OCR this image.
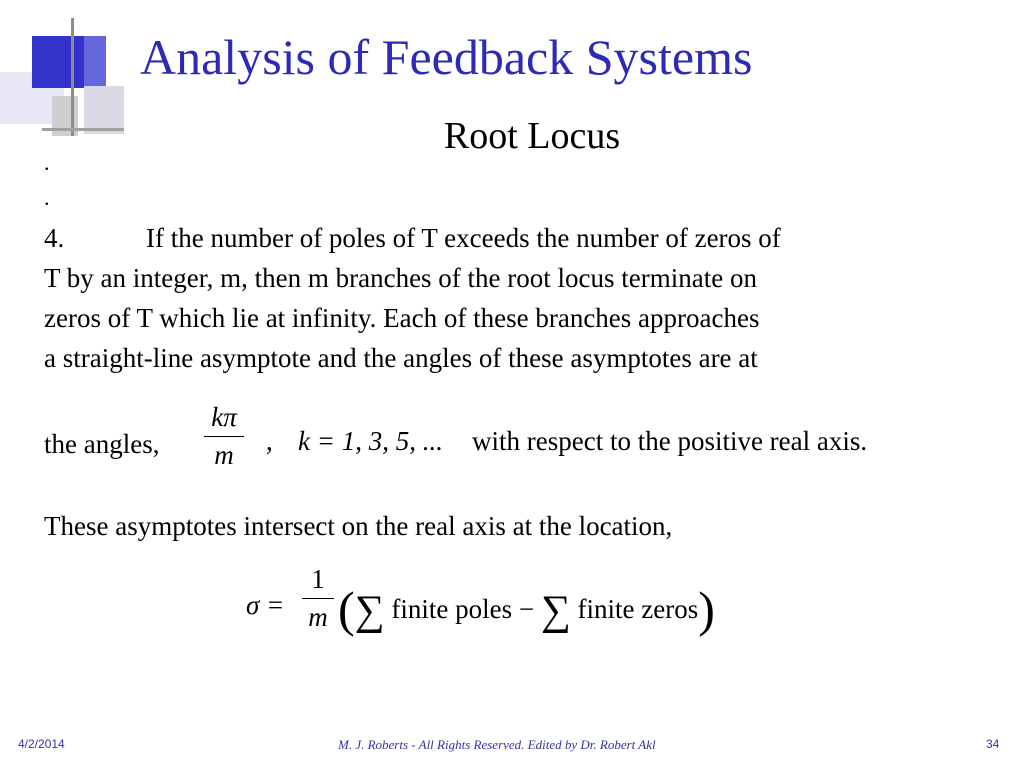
Analysis of Feedback Systems
Root Locus
.
.
4.	If the number of poles of T exceeds the number of zeros of
T by an integer, m, then m branches of the root locus terminate on
zeros of T which lie at infinity. Each of these branches approaches
a straight-line asymptote and the angles of these asymptotes are at
the angles,
kπ
m	, k = 1, 3, 5, ... with respect to the positive real axis.
These asymptotes intersect on the real axis at the location,
σ =
1
m (∑ finite poles − ∑ finite zeros)
4/2/2014	M. J. Roberts - All Rights Reserved. Edited by Dr. Robert Akl	34
